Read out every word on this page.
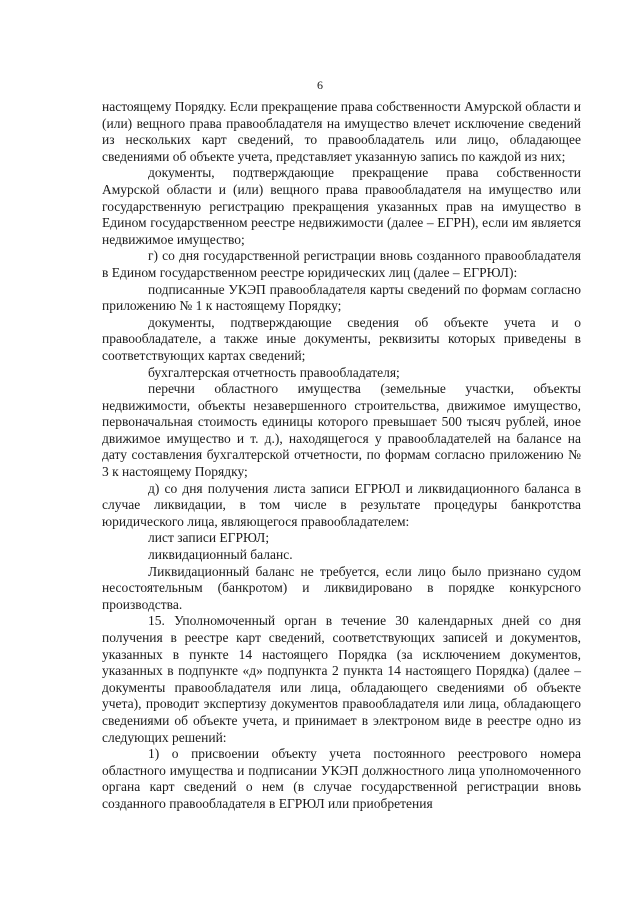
6

настоящему Порядку. Если прекращение права собственности Амурской области и (или) вещного права правообладателя на имущество влечет исключение сведений из нескольких карт сведений, то правообладатель или лицо, обладающее сведениями об объекте учета, представляет указанную запись по каждой из них;

документы, подтверждающие прекращение права собственности Амурской области и (или) вещного права правообладателя на имущество или государственную регистрацию прекращения указанных прав на имущество в Едином государственном реестре недвижимости (далее – ЕГРН), если им является недвижимое имущество;

г) со дня государственной регистрации вновь созданного правообладателя в Едином государственном реестре юридических лиц (далее – ЕГРЮЛ):

подписанные УКЭП правообладателя карты сведений по формам согласно приложению № 1 к настоящему Порядку;

документы, подтверждающие сведения об объекте учета и о правообладателе, а также иные документы, реквизиты которых приведены в соответствующих картах сведений;

бухгалтерская отчетность правообладателя;

перечни областного имущества (земельные участки, объекты недвижимости, объекты незавершенного строительства, движимое имущество, первоначальная стоимость единицы которого превышает 500 тысяч рублей, иное движимое имущество и т. д.), находящегося у правообладателей на балансе на дату составления бухгалтерской отчетности, по формам согласно приложению № 3 к настоящему Порядку;

д) со дня получения листа записи ЕГРЮЛ и ликвидационного баланса в случае ликвидации, в том числе в результате процедуры банкротства юридического лица, являющегося правообладателем:

лист записи ЕГРЮЛ;

ликвидационный баланс.

Ликвидационный баланс не требуется, если лицо было признано судом несостоятельным (банкротом) и ликвидировано в порядке конкурсного производства.

15. Уполномоченный орган в течение 30 календарных дней со дня получения в реестре карт сведений, соответствующих записей и документов, указанных в пункте 14 настоящего Порядка (за исключением документов, указанных в подпункте «д» подпункта 2 пункта 14 настоящего Порядка) (далее – документы правообладателя или лица, обладающего сведениями об объекте учета), проводит экспертизу документов правообладателя или лица, обладающего сведениями об объекте учета, и принимает в электроном виде в реестре одно из следующих решений:

1) о присвоении объекту учета постоянного реестрового номера областного имущества и подписании УКЭП должностного лица уполномоченного органа карт сведений о нем (в случае государственной регистрации вновь созданного правообладателя в ЕГРЮЛ или приобретения
